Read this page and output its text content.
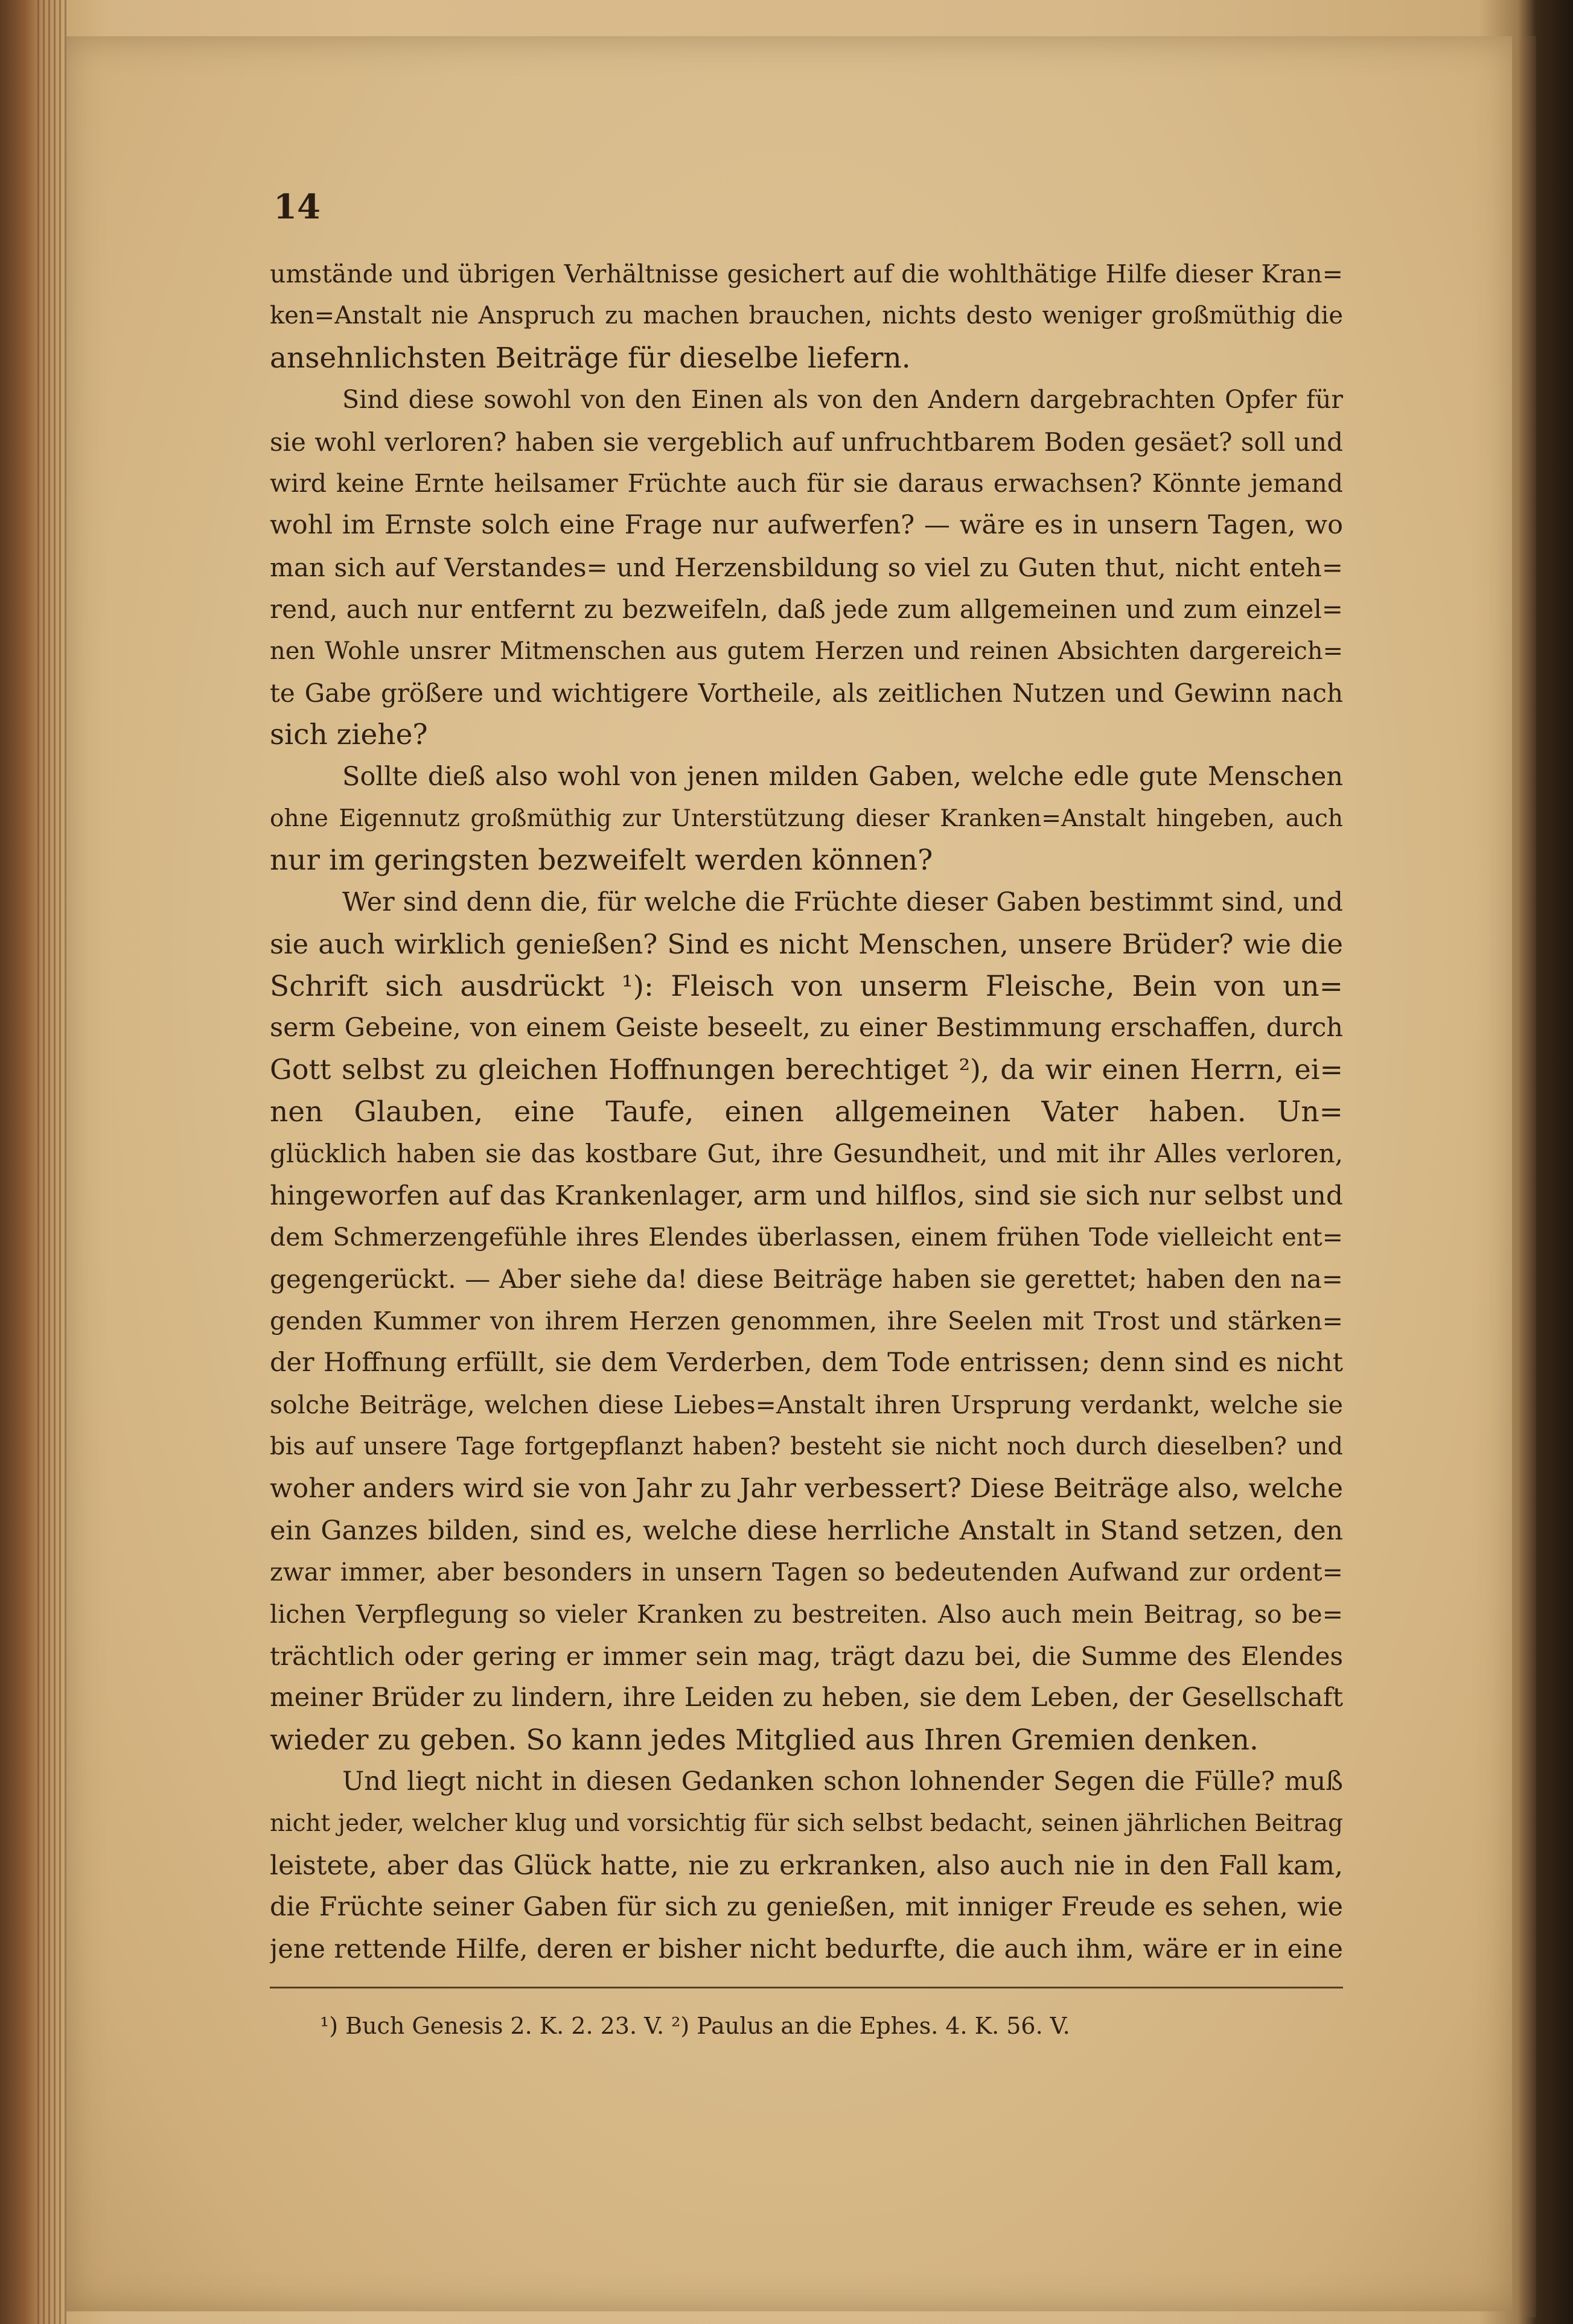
14
umstände und übrigen Verhältnisse gesichert auf die wohlthätige Hilfe dieser Kran=
ken=Anstalt nie Anspruch zu machen brauchen, nichts desto weniger großmüthig die
ansehnlichsten Beiträge für dieselbe liefern.
Sind diese sowohl von den Einen als von den Andern dargebrachten Opfer für
sie wohl verloren? haben sie vergeblich auf unfruchtbarem Boden gesäet? soll und
wird keine Ernte heilsamer Früchte auch für sie daraus erwachsen? Könnte jemand
wohl im Ernste solch eine Frage nur aufwerfen? — wäre es in unsern Tagen, wo
man sich auf Verstandes= und Herzensbildung so viel zu Guten thut, nicht enteh=
rend, auch nur entfernt zu bezweifeln, daß jede zum allgemeinen und zum einzel=
nen Wohle unsrer Mitmenschen aus gutem Herzen und reinen Absichten dargereich=
te Gabe größere und wichtigere Vortheile, als zeitlichen Nutzen und Gewinn nach
sich ziehe?
Sollte dieß also wohl von jenen milden Gaben, welche edle gute Menschen
ohne Eigennutz großmüthig zur Unterstützung dieser Kranken=Anstalt hingeben, auch
nur im geringsten bezweifelt werden können?
Wer sind denn die, für welche die Früchte dieser Gaben bestimmt sind, und
sie auch wirklich genießen? Sind es nicht Menschen, unsere Brüder? wie die
Schrift sich ausdrückt ¹): Fleisch von unserm Fleische, Bein von un=
serm Gebeine, von einem Geiste beseelt, zu einer Bestimmung erschaffen, durch
Gott selbst zu gleichen Hoffnungen berechtiget ²), da wir einen Herrn, ei=
nen Glauben, eine Taufe, einen allgemeinen Vater haben. Un=
glücklich haben sie das kostbare Gut, ihre Gesundheit, und mit ihr Alles verloren,
hingeworfen auf das Krankenlager, arm und hilflos, sind sie sich nur selbst und
dem Schmerzengefühle ihres Elendes überlassen, einem frühen Tode vielleicht ent=
gegengerückt. — Aber siehe da! diese Beiträge haben sie gerettet; haben den na=
genden Kummer von ihrem Herzen genommen, ihre Seelen mit Trost und stärken=
der Hoffnung erfüllt, sie dem Verderben, dem Tode entrissen; denn sind es nicht
solche Beiträge, welchen diese Liebes=Anstalt ihren Ursprung verdankt, welche sie
bis auf unsere Tage fortgepflanzt haben? besteht sie nicht noch durch dieselben? und
woher anders wird sie von Jahr zu Jahr verbessert? Diese Beiträge also, welche
ein Ganzes bilden, sind es, welche diese herrliche Anstalt in Stand setzen, den
zwar immer, aber besonders in unsern Tagen so bedeutenden Aufwand zur ordent=
lichen Verpflegung so vieler Kranken zu bestreiten. Also auch mein Beitrag, so be=
trächtlich oder gering er immer sein mag, trägt dazu bei, die Summe des Elendes
meiner Brüder zu lindern, ihre Leiden zu heben, sie dem Leben, der Gesellschaft
wieder zu geben. So kann jedes Mitglied aus Ihren Gremien denken.
Und liegt nicht in diesen Gedanken schon lohnender Segen die Fülle? muß
nicht jeder, welcher klug und vorsichtig für sich selbst bedacht, seinen jährlichen Beitrag
leistete, aber das Glück hatte, nie zu erkranken, also auch nie in den Fall kam,
die Früchte seiner Gaben für sich zu genießen, mit inniger Freude es sehen, wie
jene rettende Hilfe, deren er bisher nicht bedurfte, die auch ihm, wäre er in eine
¹) Buch Genesis 2. K. 2. 23. V. ²) Paulus an die Ephes. 4. K. 56. V.
